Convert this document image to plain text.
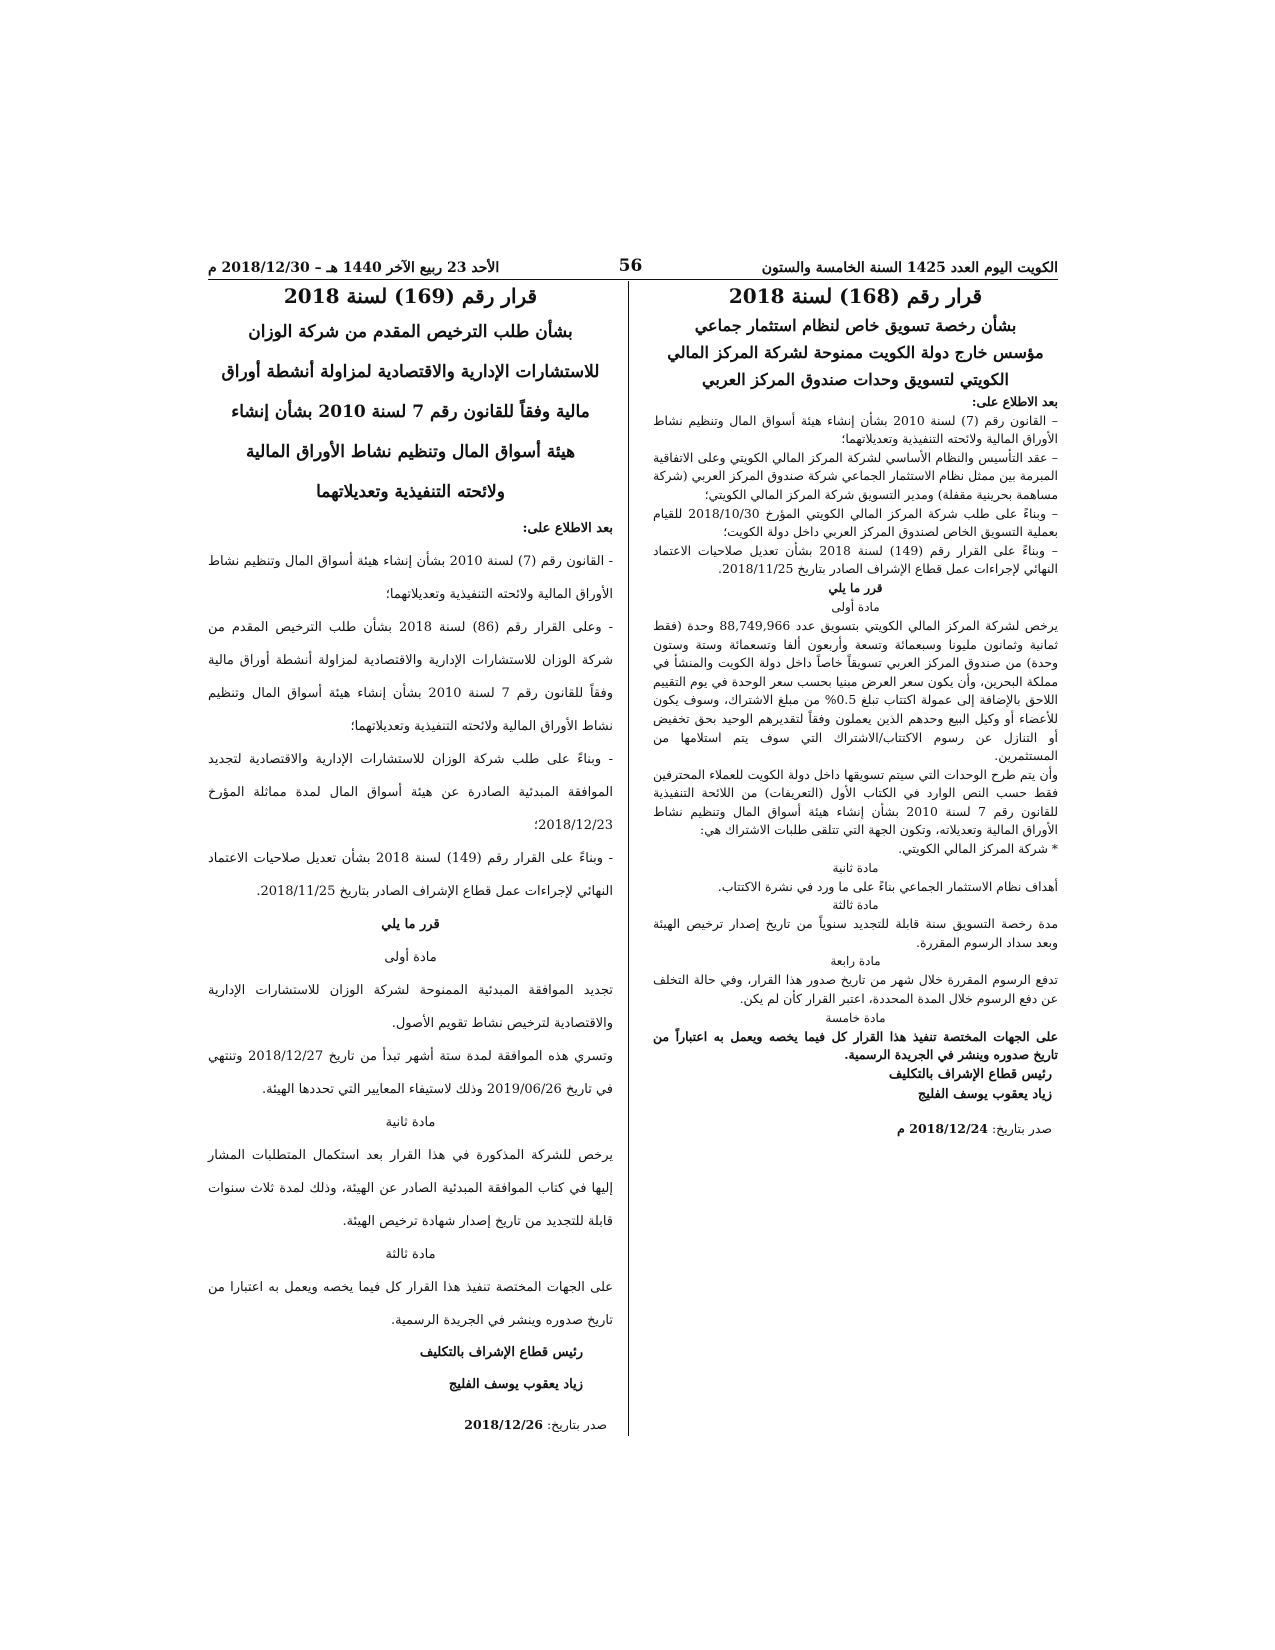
الكويت اليوم العدد 1425 السنة الخامسة والستون
56
الأحد 23 ربيع الآخر 1440 هـ – 2018/12/30 م

قرار رقم (168) لسنة 2018

بشأن رخصة تسويق خاص لنظام استثمار جماعي

مؤسس خارج دولة الكويت ممنوحة لشركة المركز المالي

الكويتي لتسويق وحدات صندوق المركز العربي

بعد الاطلاع على:

– القانون رقم (7) لسنة 2010 بشأن إنشاء هيئة أسواق المال وتنظيم نشاط الأوراق المالية ولائحته التنفيذية وتعديلاتهما؛

– عقد التأسيس والنظام الأساسي لشركة المركز المالي الكويتي وعلى الاتفاقية المبرمة بين ممثل نظام الاستثمار الجماعي شركة صندوق المركز العربي (شركة مساهمة بحرينية مقفلة) ومدير التسويق شركة المركز المالي الكويتي؛

– وبناءً على طلب شركة المركز المالي الكويتي المؤرخ 2018/10/30 للقيام بعملية التسويق الخاص لصندوق المركز العربي داخل دولة الكويت؛

– وبناءً على القرار رقم (149) لسنة 2018 بشأن تعديل صلاحيات الاعتماد النهائي لإجراءات عمل قطاع الإشراف الصادر بتاريخ 2018/11/25.

قرر ما يلي

مادة أولى

يرخص لشركة المركز المالي الكويتي بتسويق عدد 88,749,966 وحدة (فقط ثمانية وثمانون مليونا وسبعمائة وتسعة وأربعون ألفا وتسعمائة وستة وستون وحدة) من صندوق المركز العربي تسويقاً خاصاً داخل دولة الكويت والمنشأ في مملكة البحرين، وأن يكون سعر العرض مبنيا بحسب سعر الوحدة في يوم التقييم اللاحق بالإضافة إلى عمولة اكتتاب تبلغ 0.5% من مبلغ الاشتراك، وسوف يكون للأعضاء أو وكيل البيع وحدهم الذين يعملون وفقاً لتقديرهم الوحيد بحق تخفيض أو التنازل عن رسوم الاكتتاب/الاشتراك التي سوف يتم استلامها من المستثمرين.

وأن يتم طرح الوحدات التي سيتم تسويقها داخل دولة الكويت للعملاء المحترفين فقط حسب النص الوارد في الكتاب الأول (التعريفات) من اللائحة التنفيذية للقانون رقم 7 لسنة 2010 بشأن إنشاء هيئة أسواق المال وتنظيم نشاط الأوراق المالية وتعديلاته، وتكون الجهة التي تتلقى طلبات الاشتراك هي:

* شركة المركز المالي الكويتي.

مادة ثانية

أهداف نظام الاستثمار الجماعي بناءً على ما ورد في نشرة الاكتتاب.

مادة ثالثة

مدة رخصة التسويق سنة قابلة للتجديد سنوياً من تاريخ إصدار ترخيص الهيئة وبعد سداد الرسوم المقررة.

مادة رابعة

تدفع الرسوم المقررة خلال شهر من تاريخ صدور هذا القرار، وفي حالة التخلف عن دفع الرسوم خلال المدة المحددة، اعتبر القرار كأن لم يكن.

مادة خامسة

على الجهات المختصة تنفيذ هذا القرار كل فيما يخصه ويعمل به اعتباراً من تاريخ صدوره وينشر في الجريدة الرسمية.

رئيس قطاع الإشراف بالتكليف

زياد يعقوب يوسف الفليج

صدر بتاريخ: 2018/12/24 م

قرار رقم (169) لسنة 2018

بشأن طلب الترخيص المقدم من شركة الوزان

للاستشارات الإدارية والاقتصادية لمزاولة أنشطة أوراق

مالية وفقاً للقانون رقم 7 لسنة 2010 بشأن إنشاء

هيئة أسواق المال وتنظيم نشاط الأوراق المالية

ولائحته التنفيذية وتعديلاتهما

بعد الاطلاع على:

- القانون رقم (7) لسنة 2010 بشأن إنشاء هيئة أسواق المال وتنظيم نشاط الأوراق المالية ولائحته التنفيذية وتعديلاتهما؛

- وعلى القرار رقم (86) لسنة 2018 بشأن طلب الترخيص المقدم من شركة الوزان للاستشارات الإدارية والاقتصادية لمزاولة أنشطة أوراق مالية وفقاً للقانون رقم 7 لسنة 2010 بشأن إنشاء هيئة أسواق المال وتنظيم نشاط الأوراق المالية ولائحته التنفيذية وتعديلاتهما؛

- وبناءً على طلب شركة الوزان للاستشارات الإدارية والاقتصادية لتجديد الموافقة المبدئية الصادرة عن هيئة أسواق المال لمدة مماثلة المؤرخ 2018/12/23؛

- وبناءً على القرار رقم (149) لسنة 2018 بشأن تعديل صلاحيات الاعتماد النهائي لإجراءات عمل قطاع الإشراف الصادر بتاريخ 2018/11/25.

قرر ما يلي

مادة أولى

تجديد الموافقة المبدئية الممنوحة لشركة الوزان للاستشارات الإدارية والاقتصادية لترخيص نشاط تقويم الأصول.

وتسري هذه الموافقة لمدة ستة أشهر تبدأ من تاريخ 2018/12/27 وتنتهي في تاريخ 2019/06/26 وذلك لاستيفاء المعايير التي تحددها الهيئة.

مادة ثانية

يرخص للشركة المذكورة في هذا القرار بعد استكمال المتطلبات المشار إليها في كتاب الموافقة المبدئية الصادر عن الهيئة، وذلك لمدة ثلاث سنوات قابلة للتجديد من تاريخ إصدار شهادة ترخيص الهيئة.

مادة ثالثة

على الجهات المختصة تنفيذ هذا القرار كل فيما يخصه ويعمل به اعتبارا من تاريخ صدوره وينشر في الجريدة الرسمية.

رئيس قطاع الإشراف بالتكليف

زياد يعقوب يوسف الفليج

صدر بتاريخ: 2018/12/26
